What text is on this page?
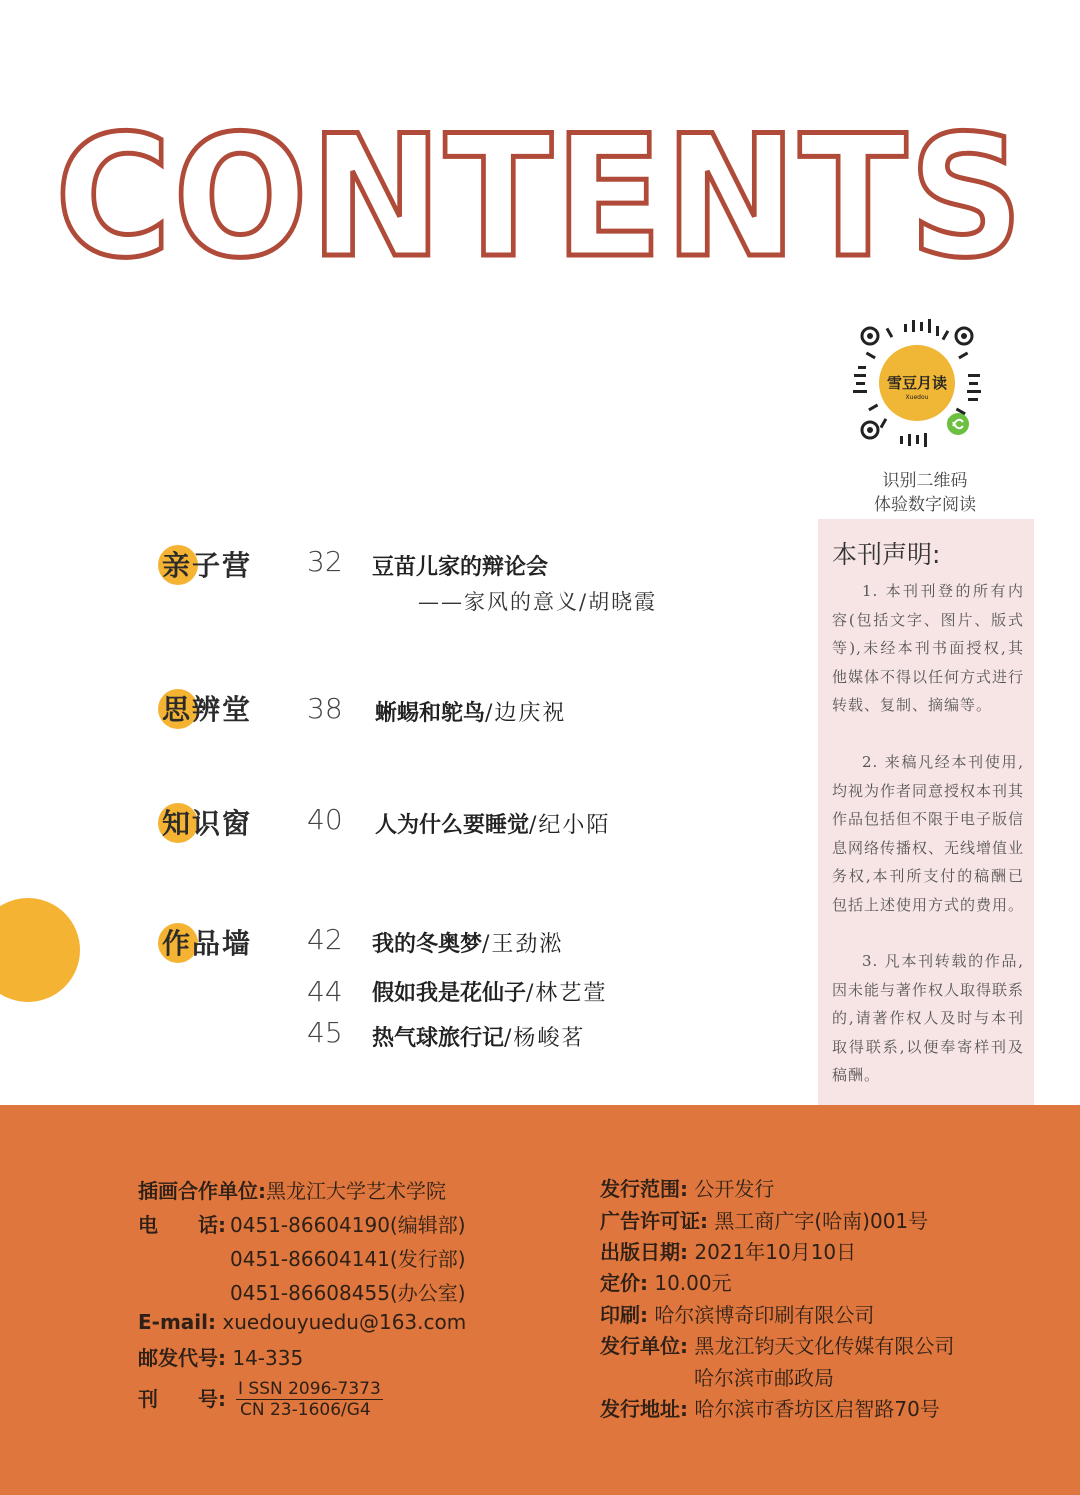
CONTENTS
雪豆月读
Xuedou
识别二维码
体验数字阅读
本刊声明:
1. 本刊刊登的所有内容(包括文字、图片、版式等),未经本刊书面授权,其他媒体不得以任何方式进行转载、复制、摘编等。
2. 来稿凡经本刊使用,均视为作者同意授权本刊其作品包括但不限于电子版信息网络传播权、无线增值业务权,本刊所支付的稿酬已包括上述使用方式的费用。
3. 凡本刊转载的作品,因未能与著作权人取得联系的,请著作权人及时与本刊取得联系,以便奉寄样刊及稿酬。
亲子营	32 豆苗儿家的辩论会
——家风的意义/胡晓霞
思辨堂	38 蜥蜴和鸵鸟/边庆祝
知识窗	40 人为什么要睡觉/纪小陌
作品墙	42 我的冬奥梦/王劲淞
44 假如我是花仙子/林艺萱
45 热气球旅行记/杨峻茗
插画合作单位:黑龙江大学艺术学院
电　　话: 0451-86604190(编辑部)
0451-86604141(发行部)
0451-86608455(办公室)
E-mail: xuedouyuedu@163.com
邮发代号: 14-335
刊　　号: I SSN 2096-7373
CN 23-1606/G4
发行范围: 公开发行
广告许可证: 黑工商广字(哈南)001号
出版日期: 2021年10月10日
定价: 10.00元
印刷: 哈尔滨博奇印刷有限公司
发行单位: 黑龙江钧天文化传媒有限公司
哈尔滨市邮政局
发行地址: 哈尔滨市香坊区启智路70号
